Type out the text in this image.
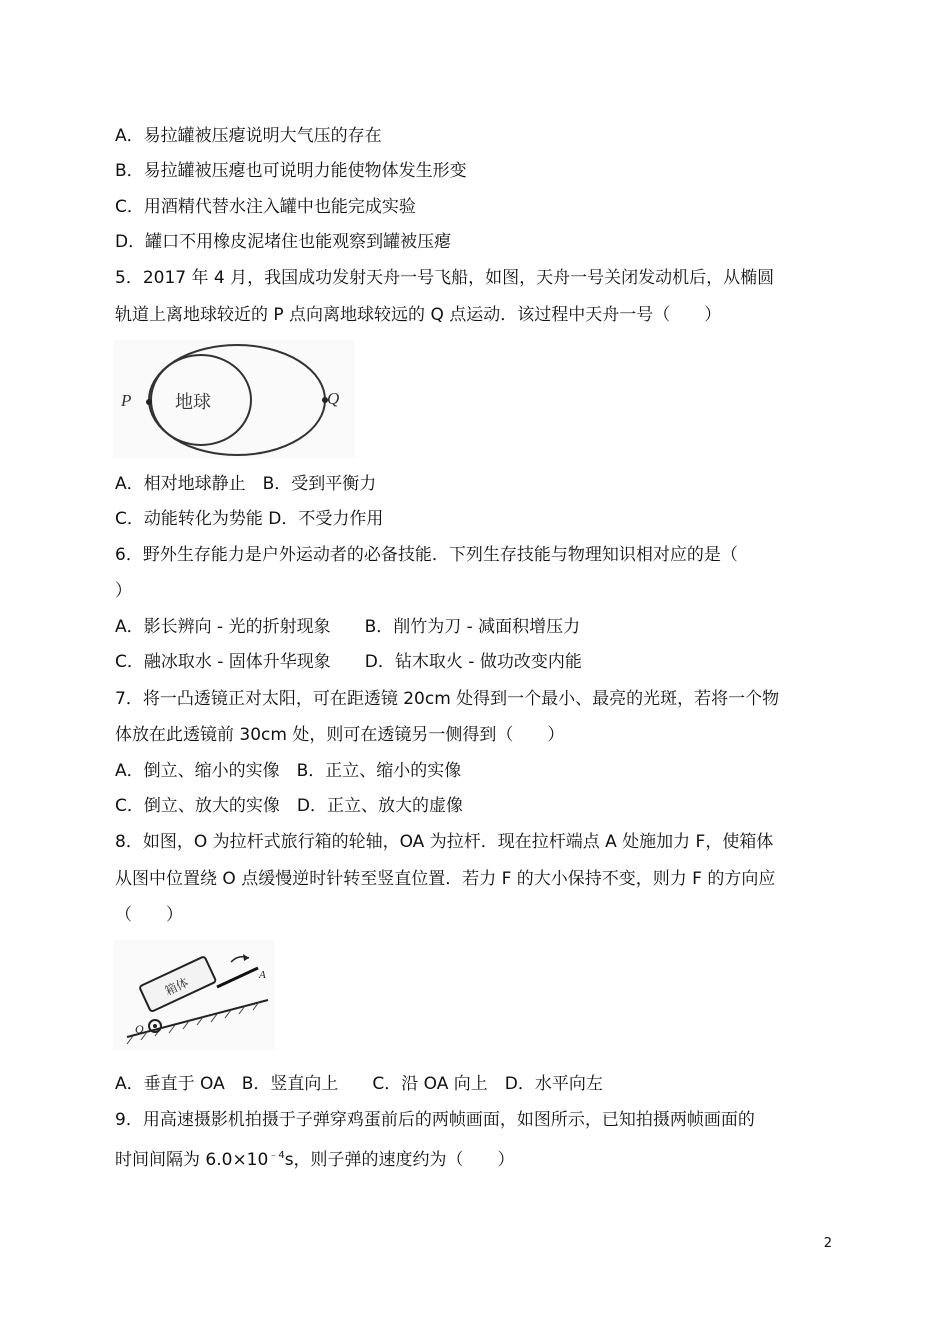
A．易拉罐被压瘪说明大气压的存在
B．易拉罐被压瘪也可说明力能使物体发生形变
C．用酒精代替水注入罐中也能完成实验
D．罐口不用橡皮泥堵住也能观察到罐被压瘪
5．2017 年 4 月，我国成功发射天舟一号飞船，如图，天舟一号关闭发动机后，从椭圆
轨道上离地球较近的 P 点向离地球较远的 Q 点运动．该过程中天舟一号（　　）
地球
P	Q
A．相对地球静止　B．受到平衡力
C．动能转化为势能 D．不受力作用
6．野外生存能力是户外运动者的必备技能．下列生存技能与物理知识相对应的是（
）
A．影长辨向 - 光的折射现象　　B．削竹为刀 - 减面积增压力
C．融冰取水 - 固体升华现象　　D．钻木取火 - 做功改变内能
7．将一凸透镜正对太阳，可在距透镜 20cm 处得到一个最小、最亮的光斑，若将一个物
体放在此透镜前 30cm 处，则可在透镜另一侧得到（　　）
A．倒立、缩小的实像　B．正立、缩小的实像
C．倒立、放大的实像　D．正立、放大的虚像
8．如图，O 为拉杆式旅行箱的轮轴，OA 为拉杆．现在拉杆端点 A 处施加力 F，使箱体
从图中位置绕 O 点缓慢逆时针转至竖直位置．若力 F 的大小保持不变，则力 F 的方向应
（　　）
箱体
O
A
A．垂直于 OA　B．竖直向上　　C．沿 OA 向上　D．水平向左
9．用高速摄影机拍摄于子弹穿鸡蛋前后的两帧画面，如图所示，已知拍摄两帧画面的
时间间隔为 $6.0\times 10^{﹣4}s$，则子弹的速度约为（　　）
2
